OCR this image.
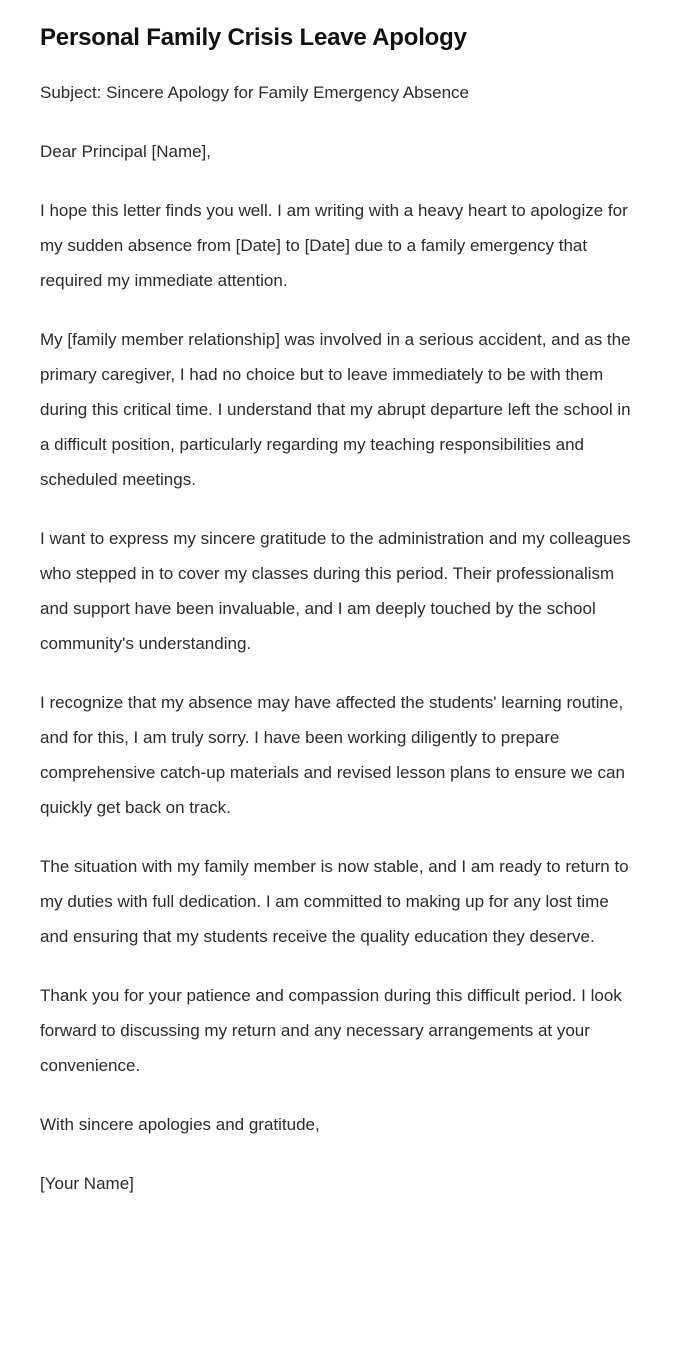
Personal Family Crisis Leave Apology

Subject: Sincere Apology for Family Emergency Absence

Dear Principal [Name],

I hope this letter finds you well. I am writing with a heavy heart to apologize for my sudden absence from [Date] to [Date] due to a family emergency that required my immediate attention.

My [family member relationship] was involved in a serious accident, and as the primary caregiver, I had no choice but to leave immediately to be with them during this critical time. I understand that my abrupt departure left the school in a difficult position, particularly regarding my teaching responsibilities and scheduled meetings.

I want to express my sincere gratitude to the administration and my colleagues who stepped in to cover my classes during this period. Their professionalism and support have been invaluable, and I am deeply touched by the school community's understanding.

I recognize that my absence may have affected the students' learning routine, and for this, I am truly sorry. I have been working diligently to prepare comprehensive catch-up materials and revised lesson plans to ensure we can quickly get back on track.

The situation with my family member is now stable, and I am ready to return to my duties with full dedication. I am committed to making up for any lost time and ensuring that my students receive the quality education they deserve.

Thank you for your patience and compassion during this difficult period. I look forward to discussing my return and any necessary arrangements at your convenience.

With sincere apologies and gratitude,

[Your Name]
